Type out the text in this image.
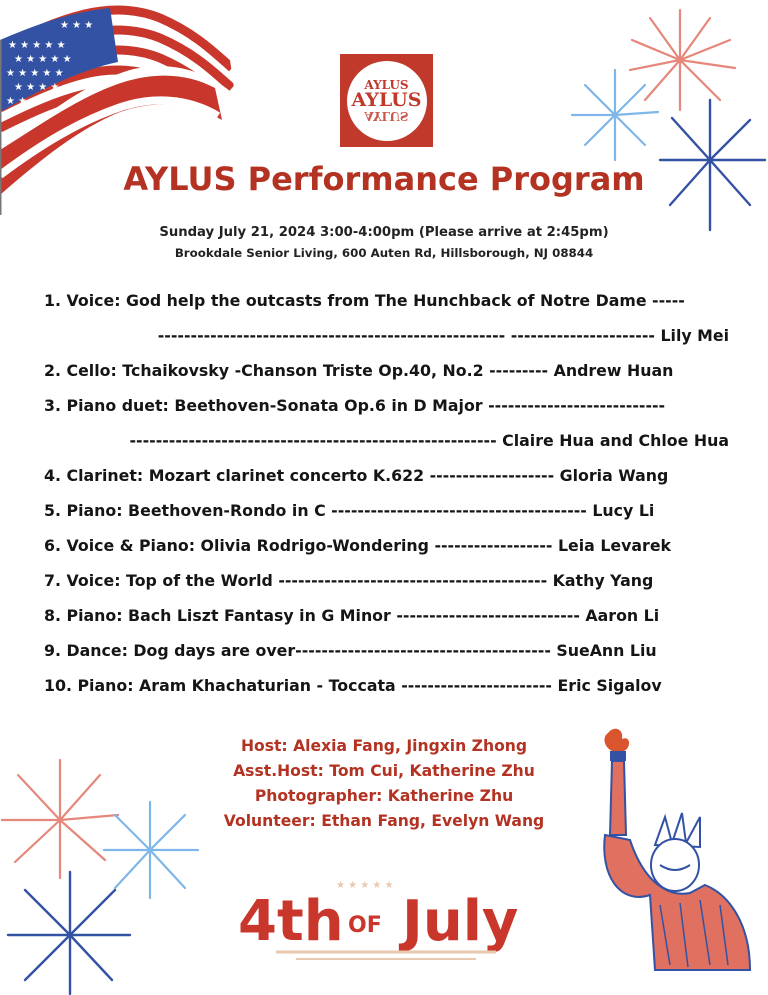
★ ★ ★ ★ ★
★ ★ ★ ★ ★
★ ★ ★ ★ ★
★ ★ ★ ★
★ ★ ★
★ ★ ★
AYLUS
AYLUS
AYLUS
AYLUS Performance Program
Sunday July 21, 2024 3:00-4:00pm (Please arrive at 2:45pm)
Brookdale Senior Living, 600 Auten Rd, Hillsborough, NJ 08844
1. Voice: God help the outcasts from The Hunchback of Notre Dame -----
----------------------------------------------------- ---------------------- Lily Mei
2. Cello: Tchaikovsky -Chanson Triste Op.40, No.2 --------- Andrew Huan
3. Piano duet: Beethoven-Sonata Op.6 in D Major ---------------------------
-------------------------------------------------------- Claire Hua and Chloe Hua
4. Clarinet: Mozart clarinet concerto K.622 ------------------- Gloria Wang
5. Piano: Beethoven-Rondo in C --------------------------------------- Lucy Li
6. Voice & Piano: Olivia Rodrigo-Wondering ------------------ Leia Levarek
7. Voice: Top of the World ----------------------------------------- Kathy Yang
8. Piano: Bach Liszt Fantasy in G Minor ---------------------------- Aaron Li
9. Dance: Dog days are over--------------------------------------- SueAnn Liu
10. Piano: Aram Khachaturian - Toccata ----------------------- Eric Sigalov
Host: Alexia Fang, Jingxin Zhong
Asst.Host: Tom Cui, Katherine Zhu
Photographer: Katherine Zhu
Volunteer: Ethan Fang, Evelyn Wang
★ ★ ★ ★ ★
4th OF July
